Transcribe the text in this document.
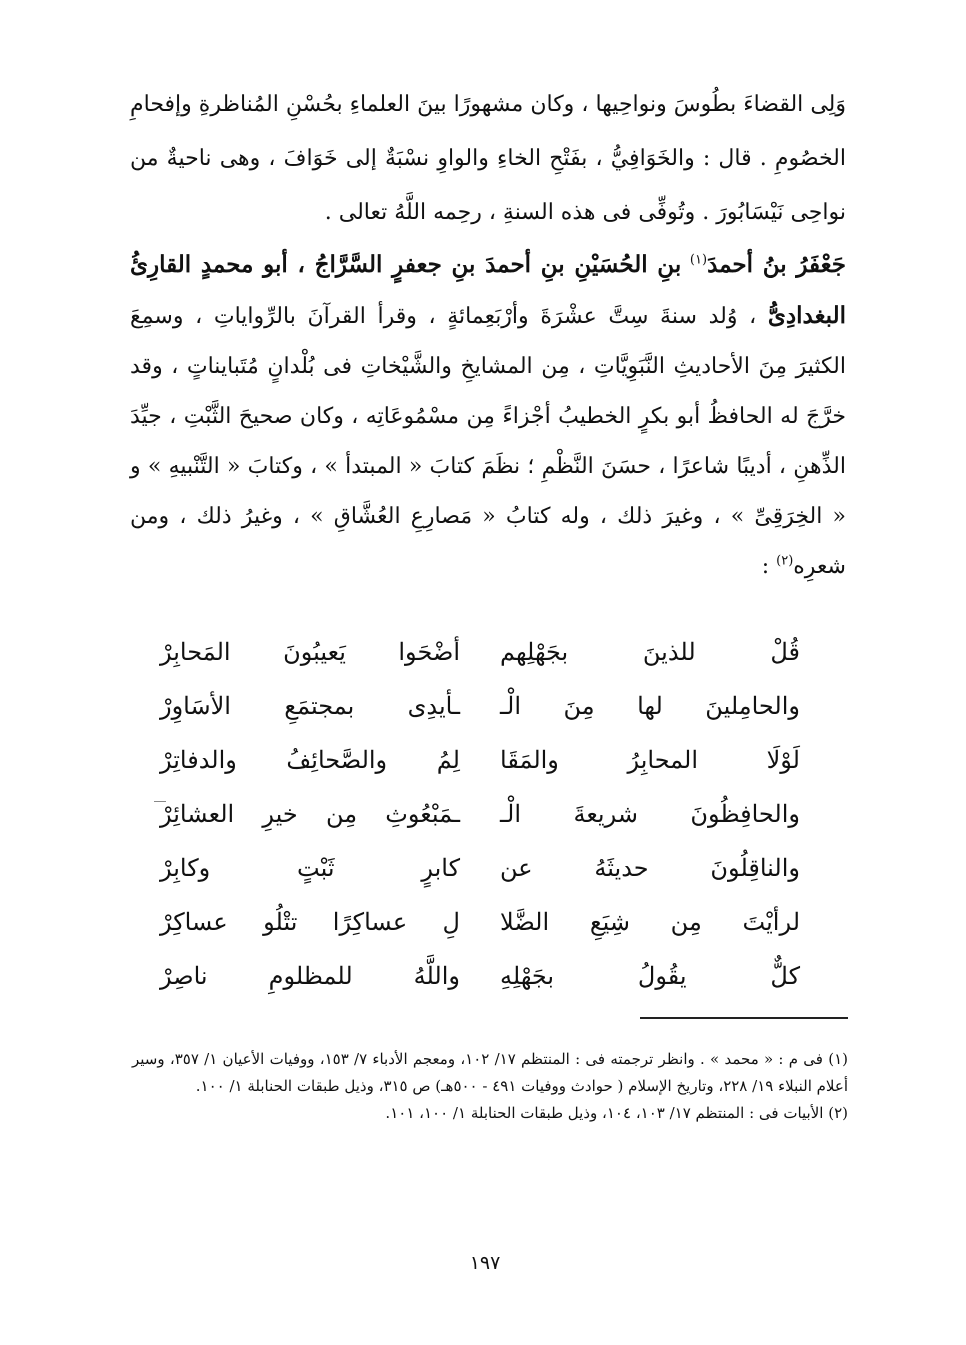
وَلِى القضاءَ بطُوسَ ونواحِيها ، وكان مشهورًا بينَ العلماءِ بحُسْنِ المُناظرةِ وإفحامِ الخصُومِ . قال : والخَوَافِيُّ ، بفَتْحِ الخاءِ والواوِ نسْبَةٌ إلى خَوَافَ ، وهى ناحيةٌ من نواحِى نَيْسَابُورَ . وتُوفِّى فى هذه السنةِ ، رحِمه اللَّهُ تعالى .

جَعْفَرُ بنُ أحمدَ$^{(١)}$ بنِ الحُسَيْنِ بنِ أحمدَ بنِ جعفرٍ السَّرَّاجُ ، أبو محمدٍ القارِئُ البغدادِىُّ ، وُلد سنةَ سِتَّ عشْرَةَ وأرْبَعِمائةٍ ، وقرأ القرآنَ بالرِّواياتِ ، وسمِعَ الكثيرَ مِنَ الأحاديثِ النَّبَوِيَّاتِ ، مِن المشايخِ والشَّيْخاتِ فى بُلْدانٍ مُتَبايناتٍ ، وقد خرَّجَ له الحافظُ أبو بكرٍ الخطيبُ أجْزاءً مِن مسْمُوعَاتِه ، وكان صحيحَ الثَّبْتِ ، جيِّدَ الذِّهنِ ، أديبًا شاعرًا ، حسَنَ النَّظْمِ ؛ نظَمَ كتابَ « المبتدأ » ، وكتابَ « التَّنْبيهِ » و « الخِرَقِىِّ » ، وغيرَ ذلك ، وله كتابُ « مَصارِعِ العُشَّاقِ » ، وغيرُ ذلك ، ومن شعرِه$^{(٢)}$ :

قُلْ للذينَ بجَهْلِهم
أضْحَوا يَعيبُونَ المَحابِرْ
والحامِلينَ لها مِنَ الْـ
ـأيدِى بمجتمَعِ الأسَاوِرْ
لَوْلَا المحابِرُ والمَقَا
لِمُ والصَّحائِفُ والدفاتِرْ
والحافِظُونَ شريعةَ الْـ
ـمَبْعُوثِ مِن خيرِ العشائِرْ
والناقِلُونَ حديثَهُ عن
كابرٍ ثَبْتٍ وكابِرْ
لرأيْتَ مِن شِيَعِ الضَّلا
لِ عساكِرًا تتْلُو عساكِرْ
كلٌّ يقُولُ بجَهْلِهِ
واللَّهُ للمظلومِ ناصِرْ

(١) فى م : « محمد » . وانظر ترجمته فى : المنتظم ١٧/ ١٠٢، ومعجم الأدباء ٧/ ١٥٣، ووفيات الأعيان ١/ ٣٥٧، وسير أعلام النبلاء ١٩/ ٢٢٨، وتاريخ الإسلام ( حوادث ووفيات ٤٩١ - ٥٠٠هـ) ص ٣١٥، وذيل طبقات الحنابلة ١/ ١٠٠.

(٢) الأبيات فى : المنتظم ١٧/ ١٠٣، ١٠٤، وذيل طبقات الحنابلة ١/ ١٠٠، ١٠١.

١٩٧
